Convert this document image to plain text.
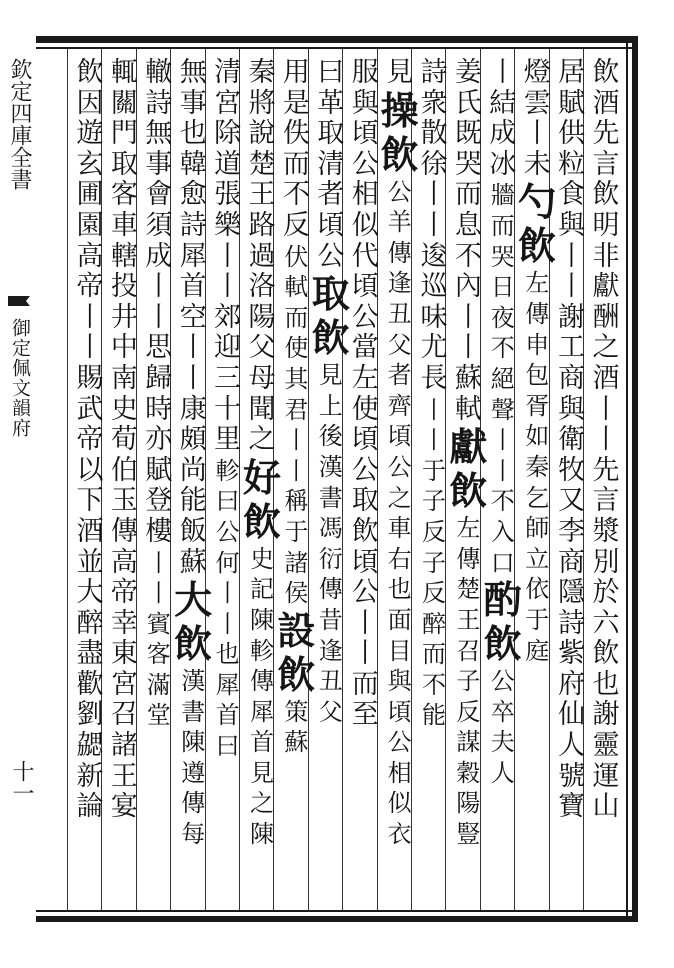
御定佩文韻府
十一
欽定四庫全書	飲
酒
先
言
飲
明
非
獻
酬
之
酒
丨
丨
先
言
漿
別
於
六
飲
也
謝
靈
運
山
居
賦
供
粒
食
與
丨
丨
謝
工
商
與
衛
牧
又
李
商
隱
詩
紫
府
仙
人
號
寶
燈
雲
丨
未
勺
飲
左
傳
申
包
胥
如
秦
乞
師
立
依
于
庭
丨
結
成
冰
牆
而
哭
日
夜
不
絕
聲
丨
丨
不
入
口
酌
飲
公
卒
夫
人
姜
氏
既
哭
而
息
不
內
丨
丨
蘇
軾
獻
飲
左
傳
楚
王
召
子
反
謀
穀
陽
豎
詩
衆
散
徐
丨
丨
逡
巡
味
尤
長
丨
丨
于
子
反
子
反
醉
而
不
能
見
操
飲
公
羊
傳
逢
丑
父
者
齊
頃
公
之
車
右
也
面
目
與
頃
公
相
似
衣
服
與
頃
公
相
似
代
頃
公
當
左
使
頃
公
取
飲
頃
公
丨
丨
而
至
曰
革
取
清
者
頃
公
取
飲
見
上
後
漢
書
馮
衍
傳
昔
逢
丑
父
用
是
佚
而
不
反
伏
軾
而
使
其
君
丨
丨
稱
于
諸
侯
設
飲
策
蘇
秦
將
說
楚
王
路
過
洛
陽
父
母
聞
之
好
飲
史
記
陳
軫
傳
犀
首
見
之
陳
清
宮
除
道
張
樂
丨
丨
郊
迎
三
十
里
軫
曰
公
何
丨
丨
也
犀
首
曰
無
事
也
韓
愈
詩
犀
首
空
丨
丨
康
頗
尚
能
飯
蘇
大
飲
漢
書
陳
遵
傳
每
轍
詩
無
事
會
須
成
丨
丨
思
歸
時
亦
賦
登
樓
丨
丨
賓
客
滿
堂
輒
關
門
取
客
車
轄
投
井
中
南
史
荀
伯
玉
傳
高
帝
幸
東
宮
召
諸
王
宴
飲
因
遊
玄
圃
園
高
帝
丨
丨
賜
武
帝
以
下
酒
並
大
醉
盡
歡
劉
勰
新
論
